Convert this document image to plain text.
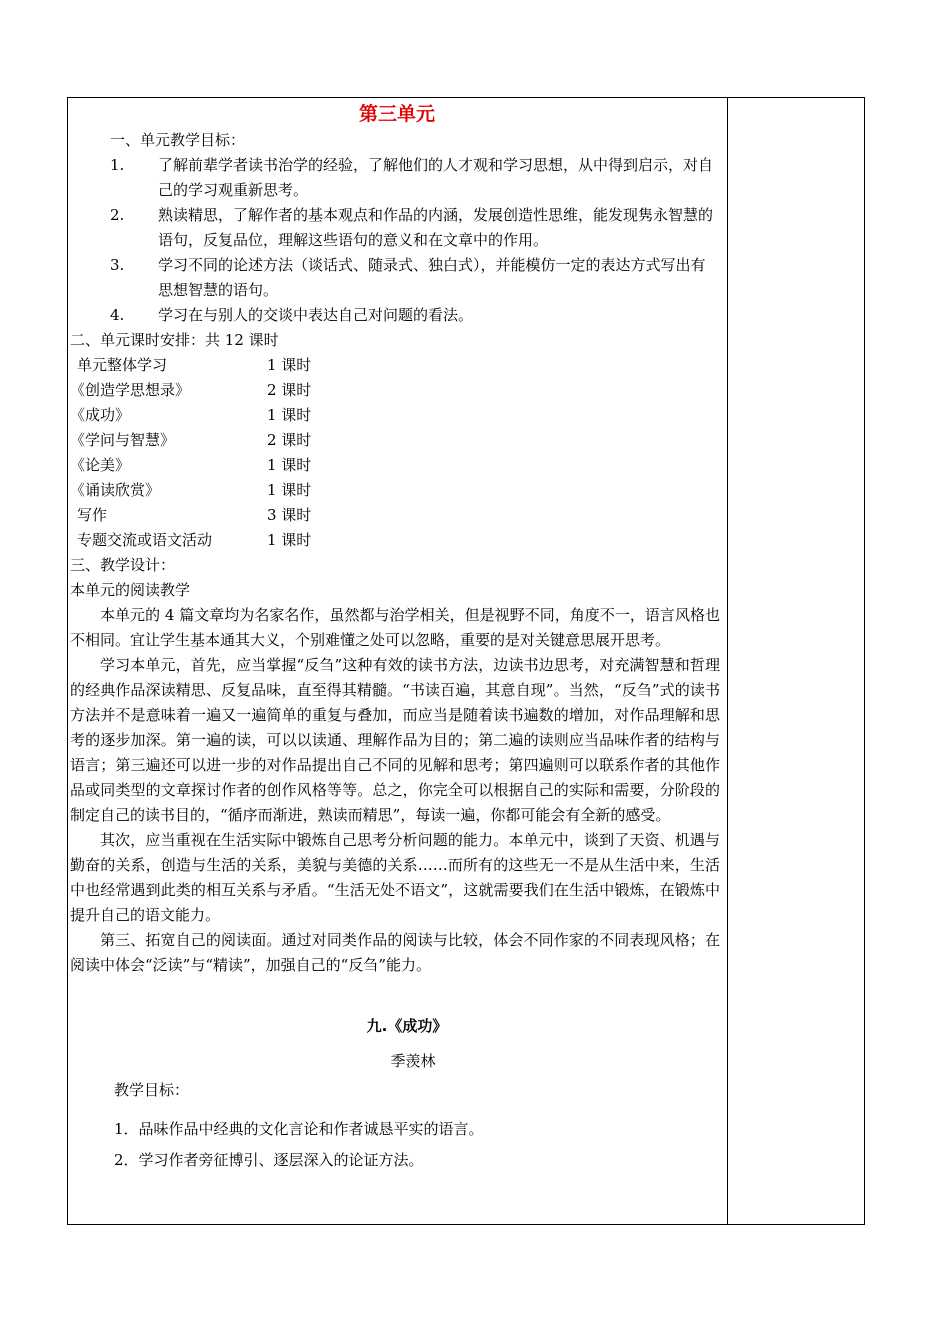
第三单元
一、单元教学目标：
1.	了解前辈学者读书治学的经验，了解他们的人才观和学习思想，从中得到启示，对自己的学习观重新思考。
2.	熟读精思，了解作者的基本观点和作品的内涵，发展创造性思维，能发现隽永智慧的语句，反复品位，理解这些语句的意义和在文章中的作用。
3.	学习不同的论述方法（谈话式、随录式、独白式），并能模仿一定的表达方式写出有思想智慧的语句。
4.	学习在与别人的交谈中表达自己对问题的看法。
二、单元课时安排：共 12 课时
单元整体学习	1 课时
《创造学思想录》	2 课时
《成功》	1 课时
《学问与智慧》	2 课时
《论美》	1 课时
《诵读欣赏》	1 课时
写作	3 课时
专题交流或语文活动	1 课时
三、教学设计：
本单元的阅读教学

本单元的 4 篇文章均为名家名作，虽然都与治学相关，但是视野不同，角度不一，语言风格也不相同。宜让学生基本通其大义，个别难懂之处可以忽略，重要的是对关键意思展开思考。

学习本单元，首先，应当掌握“反刍”这种有效的读书方法，边读书边思考，对充满智慧和哲理的经典作品深读精思、反复品味，直至得其精髓。“书读百遍，其意自现”。当然，“反刍”式的读书方法并不是意味着一遍又一遍简单的重复与叠加，而应当是随着读书遍数的增加，对作品理解和思考的逐步加深。第一遍的读，可以以读通、理解作品为目的；第二遍的读则应当品味作者的结构与语言；第三遍还可以进一步的对作品提出自己不同的见解和思考；第四遍则可以联系作者的其他作品或同类型的文章探讨作者的创作风格等等。总之，你完全可以根据自己的实际和需要，分阶段的制定自己的读书目的，“循序而渐进，熟读而精思”，每读一遍，你都可能会有全新的感受。

其次，应当重视在生活实际中锻炼自己思考分析问题的能力。本单元中，谈到了天资、机遇与勤奋的关系，创造与生活的关系，美貌与美德的关系……而所有的这些无一不是从生活中来，生活中也经常遇到此类的相互关系与矛盾。“生活无处不语文”，这就需要我们在生活中锻炼，在锻炼中提升自己的语文能力。

第三、拓宽自己的阅读面。通过对同类作品的阅读与比较，体会不同作家的不同表现风格；在阅读中体会“泛读”与“精读”，加强自己的“反刍”能力。

九.《成功》
季羡林
教学目标：
1．品味作品中经典的文化言论和作者诚恳平实的语言。
2．学习作者旁征博引、逐层深入的论证方法。
